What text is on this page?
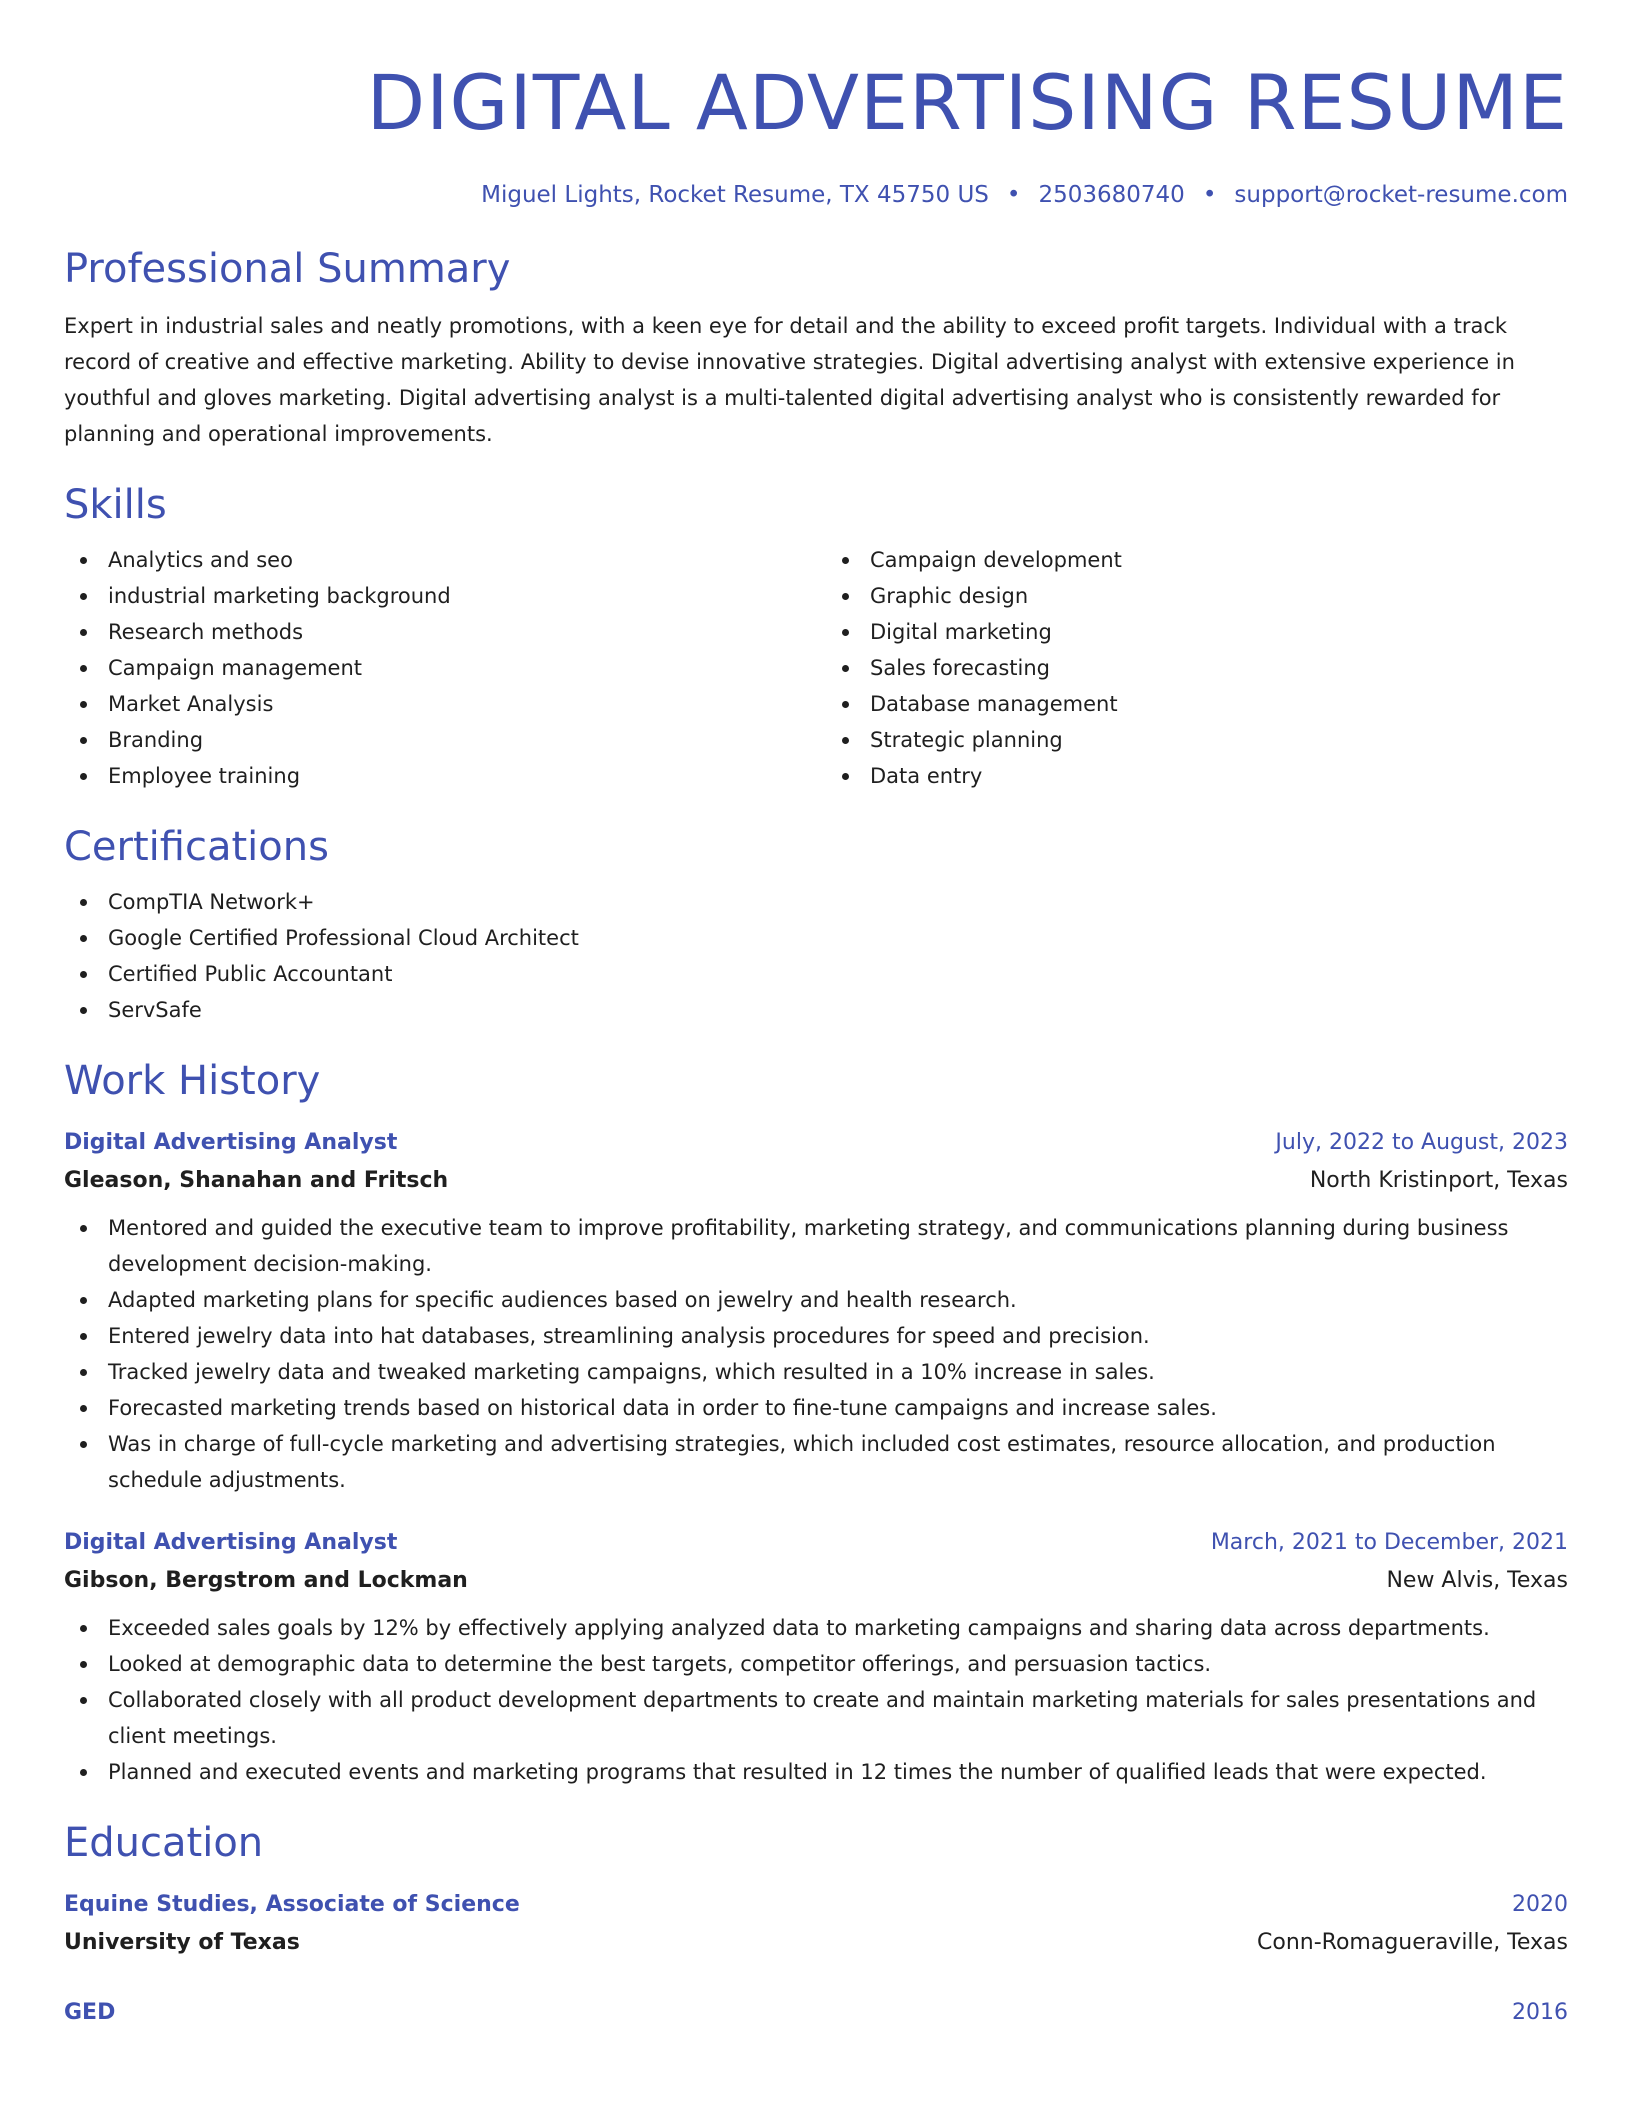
DIGITAL ADVERTISING RESUME
Miguel Lights, Rocket Resume, TX 45750 US • 2503680740 • support@rocket-resume.com
Professional Summary

Expert in industrial sales and neatly promotions, with a keen eye for detail and the ability to exceed profit targets. Individual with a track record of creative and effective marketing. Ability to devise innovative strategies. Digital advertising analyst with extensive experience in youthful and gloves marketing. Digital advertising analyst is a multi-talented digital advertising analyst who is consistently rewarded for planning and operational improvements.

Skills
Analytics and seo
industrial marketing background
Research methods
Campaign management
Market Analysis
Branding
Employee training
Campaign development
Graphic design
Digital marketing
Sales forecasting
Database management
Strategic planning
Data entry
Certifications
CompTIA Network+
Google Certified Professional Cloud Architect
Certified Public Accountant
ServSafe
Work History
Digital Advertising Analyst	July, 2022 to August, 2023
Gleason, Shanahan and Fritsch	North Kristinport, Texas
Mentored and guided the executive team to improve profitability, marketing strategy, and communications planning during business development decision-making.
Adapted marketing plans for specific audiences based on jewelry and health research.
Entered jewelry data into hat databases, streamlining analysis procedures for speed and precision.
Tracked jewelry data and tweaked marketing campaigns, which resulted in a 10% increase in sales.
Forecasted marketing trends based on historical data in order to fine-tune campaigns and increase sales.
Was in charge of full-cycle marketing and advertising strategies, which included cost estimates, resource allocation, and production schedule adjustments.
Digital Advertising Analyst	March, 2021 to December, 2021
Gibson, Bergstrom and Lockman	New Alvis, Texas
Exceeded sales goals by 12% by effectively applying analyzed data to marketing campaigns and sharing data across departments.
Looked at demographic data to determine the best targets, competitor offerings, and persuasion tactics.
Collaborated closely with all product development departments to create and maintain marketing materials for sales presentations and client meetings.
Planned and executed events and marketing programs that resulted in 12 times the number of qualified leads that were expected.
Education
Equine Studies, Associate of Science	2020
University of Texas	Conn-Romagueraville, Texas
GED	2016
